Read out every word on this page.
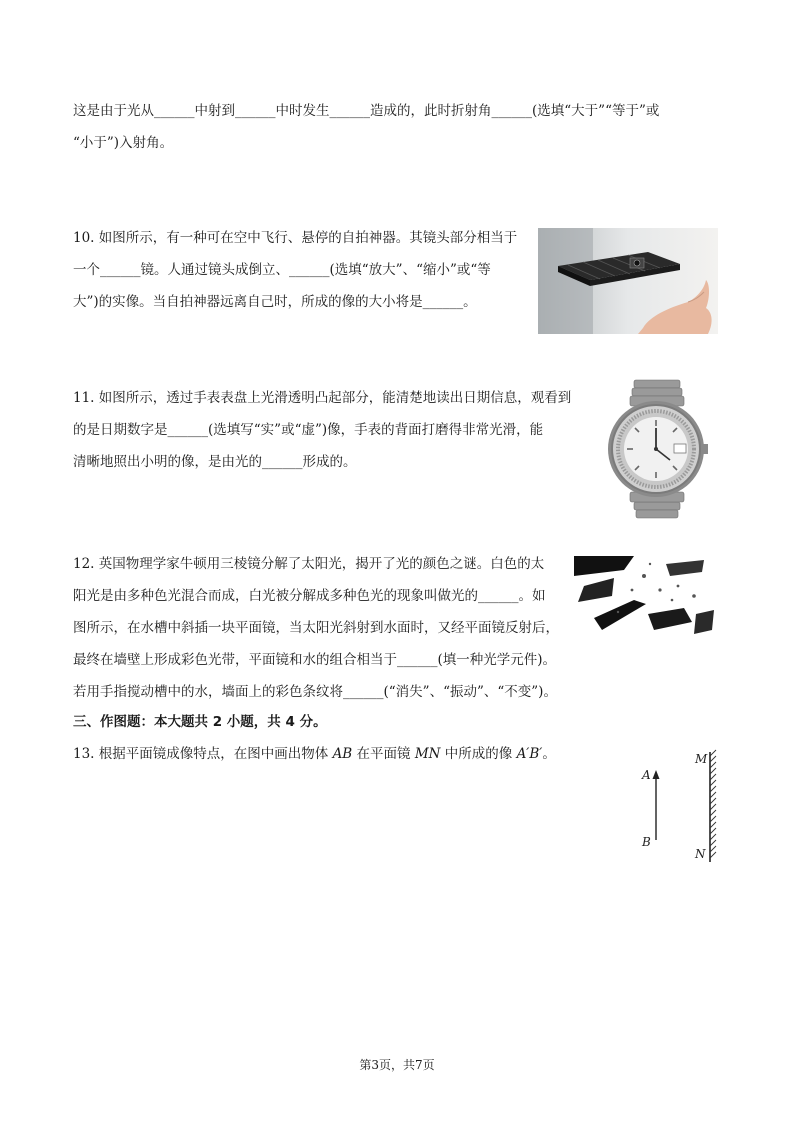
这是由于光从______中射到______中时发生______造成的，此时折射角______(选填“大于”“等于”或
“小于”)入射角。
10. 如图所示，有一种可在空中飞行、悬停的自拍神器。其镜头部分相当于
一个______镜。人通过镜头成倒立、______(选填“放大”、“缩小”或“等
大”)的实像。当自拍神器远离自己时，所成的像的大小将是______。
11. 如图所示，透过手表表盘上光滑透明凸起部分，能清楚地读出日期信息，观看到
的是日期数字是______(选填写“实”或“虚”)像，手表的背面打磨得非常光滑，能
清晰地照出小明的像，是由光的______形成的。
12. 英国物理学家牛顿用三棱镜分解了太阳光，揭开了光的颜色之谜。白色的太
阳光是由多种色光混合而成，白光被分解成多种色光的现象叫做光的______。如
图所示，在水槽中斜插一块平面镜，当太阳光斜射到水面时，又经平面镜反射后，
最终在墙壁上形成彩色光带，平面镜和水的组合相当于______(填一种光学元件)。
若用手指搅动槽中的水，墙面上的彩色条纹将______(“消失”、“振动”、“不变”)。
三、作图题：本大题共 2 小题，共 4 分。
13. 根据平面镜成像特点，在图中画出物体 AB 在平面镜 MN 中所成的像 A′B′。
A
B
M
N
第3页，共7页
